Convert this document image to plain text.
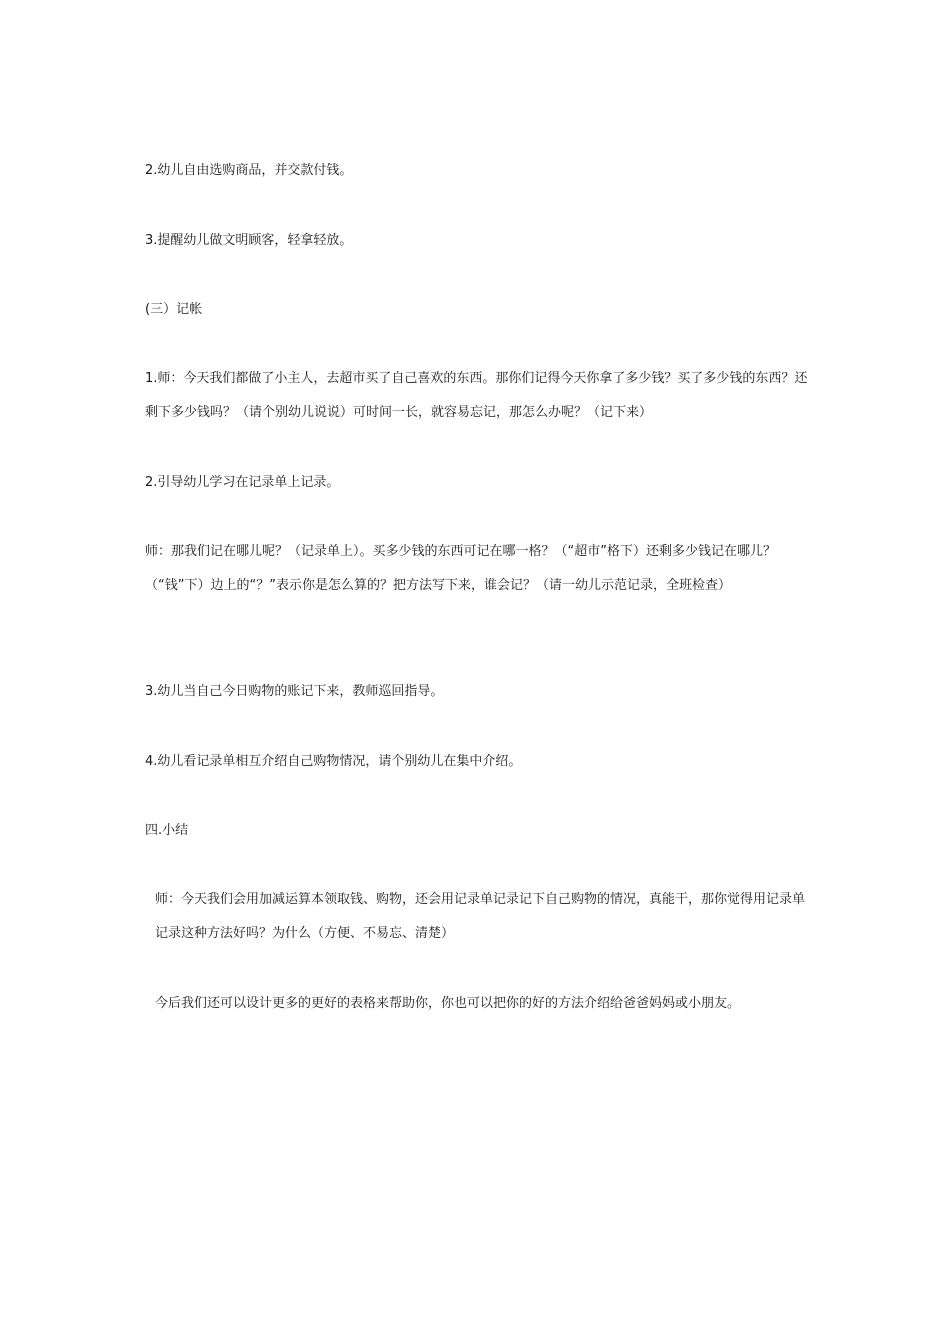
2.幼儿自由选购商品，并交款付钱。

3.提醒幼儿做文明顾客，轻拿轻放。

(三）记帐

1.师：今天我们都做了小主人，去超市买了自己喜欢的东西。那你们记得今天你拿了多少钱？买了多少钱的东西？还剩下多少钱吗？（请个别幼儿说说）可时间一长，就容易忘记，那怎么办呢？（记下来）

2.引导幼儿学习在记录单上记录。

师：那我们记在哪儿呢？（记录单上）。买多少钱的东西可记在哪一格？（“超市”格下）还剩多少钱记在哪儿？（“钱”下）边上的“？”表示你是怎么算的？把方法写下来，谁会记？（请一幼儿示范记录，全班检查）

3.幼儿当自己今日购物的账记下来，教师巡回指导。

4.幼儿看记录单相互介绍自己购物情况，请个别幼儿在集中介绍。

四.小结

师：今天我们会用加减运算本领取钱、购物，还会用记录单记录记下自己购物的情况，真能干，那你觉得用记录单记录这种方法好吗？为什么（方便、不易忘、清楚）

今后我们还可以设计更多的更好的表格来帮助你，你也可以把你的好的方法介绍给爸爸妈妈或小朋友。
